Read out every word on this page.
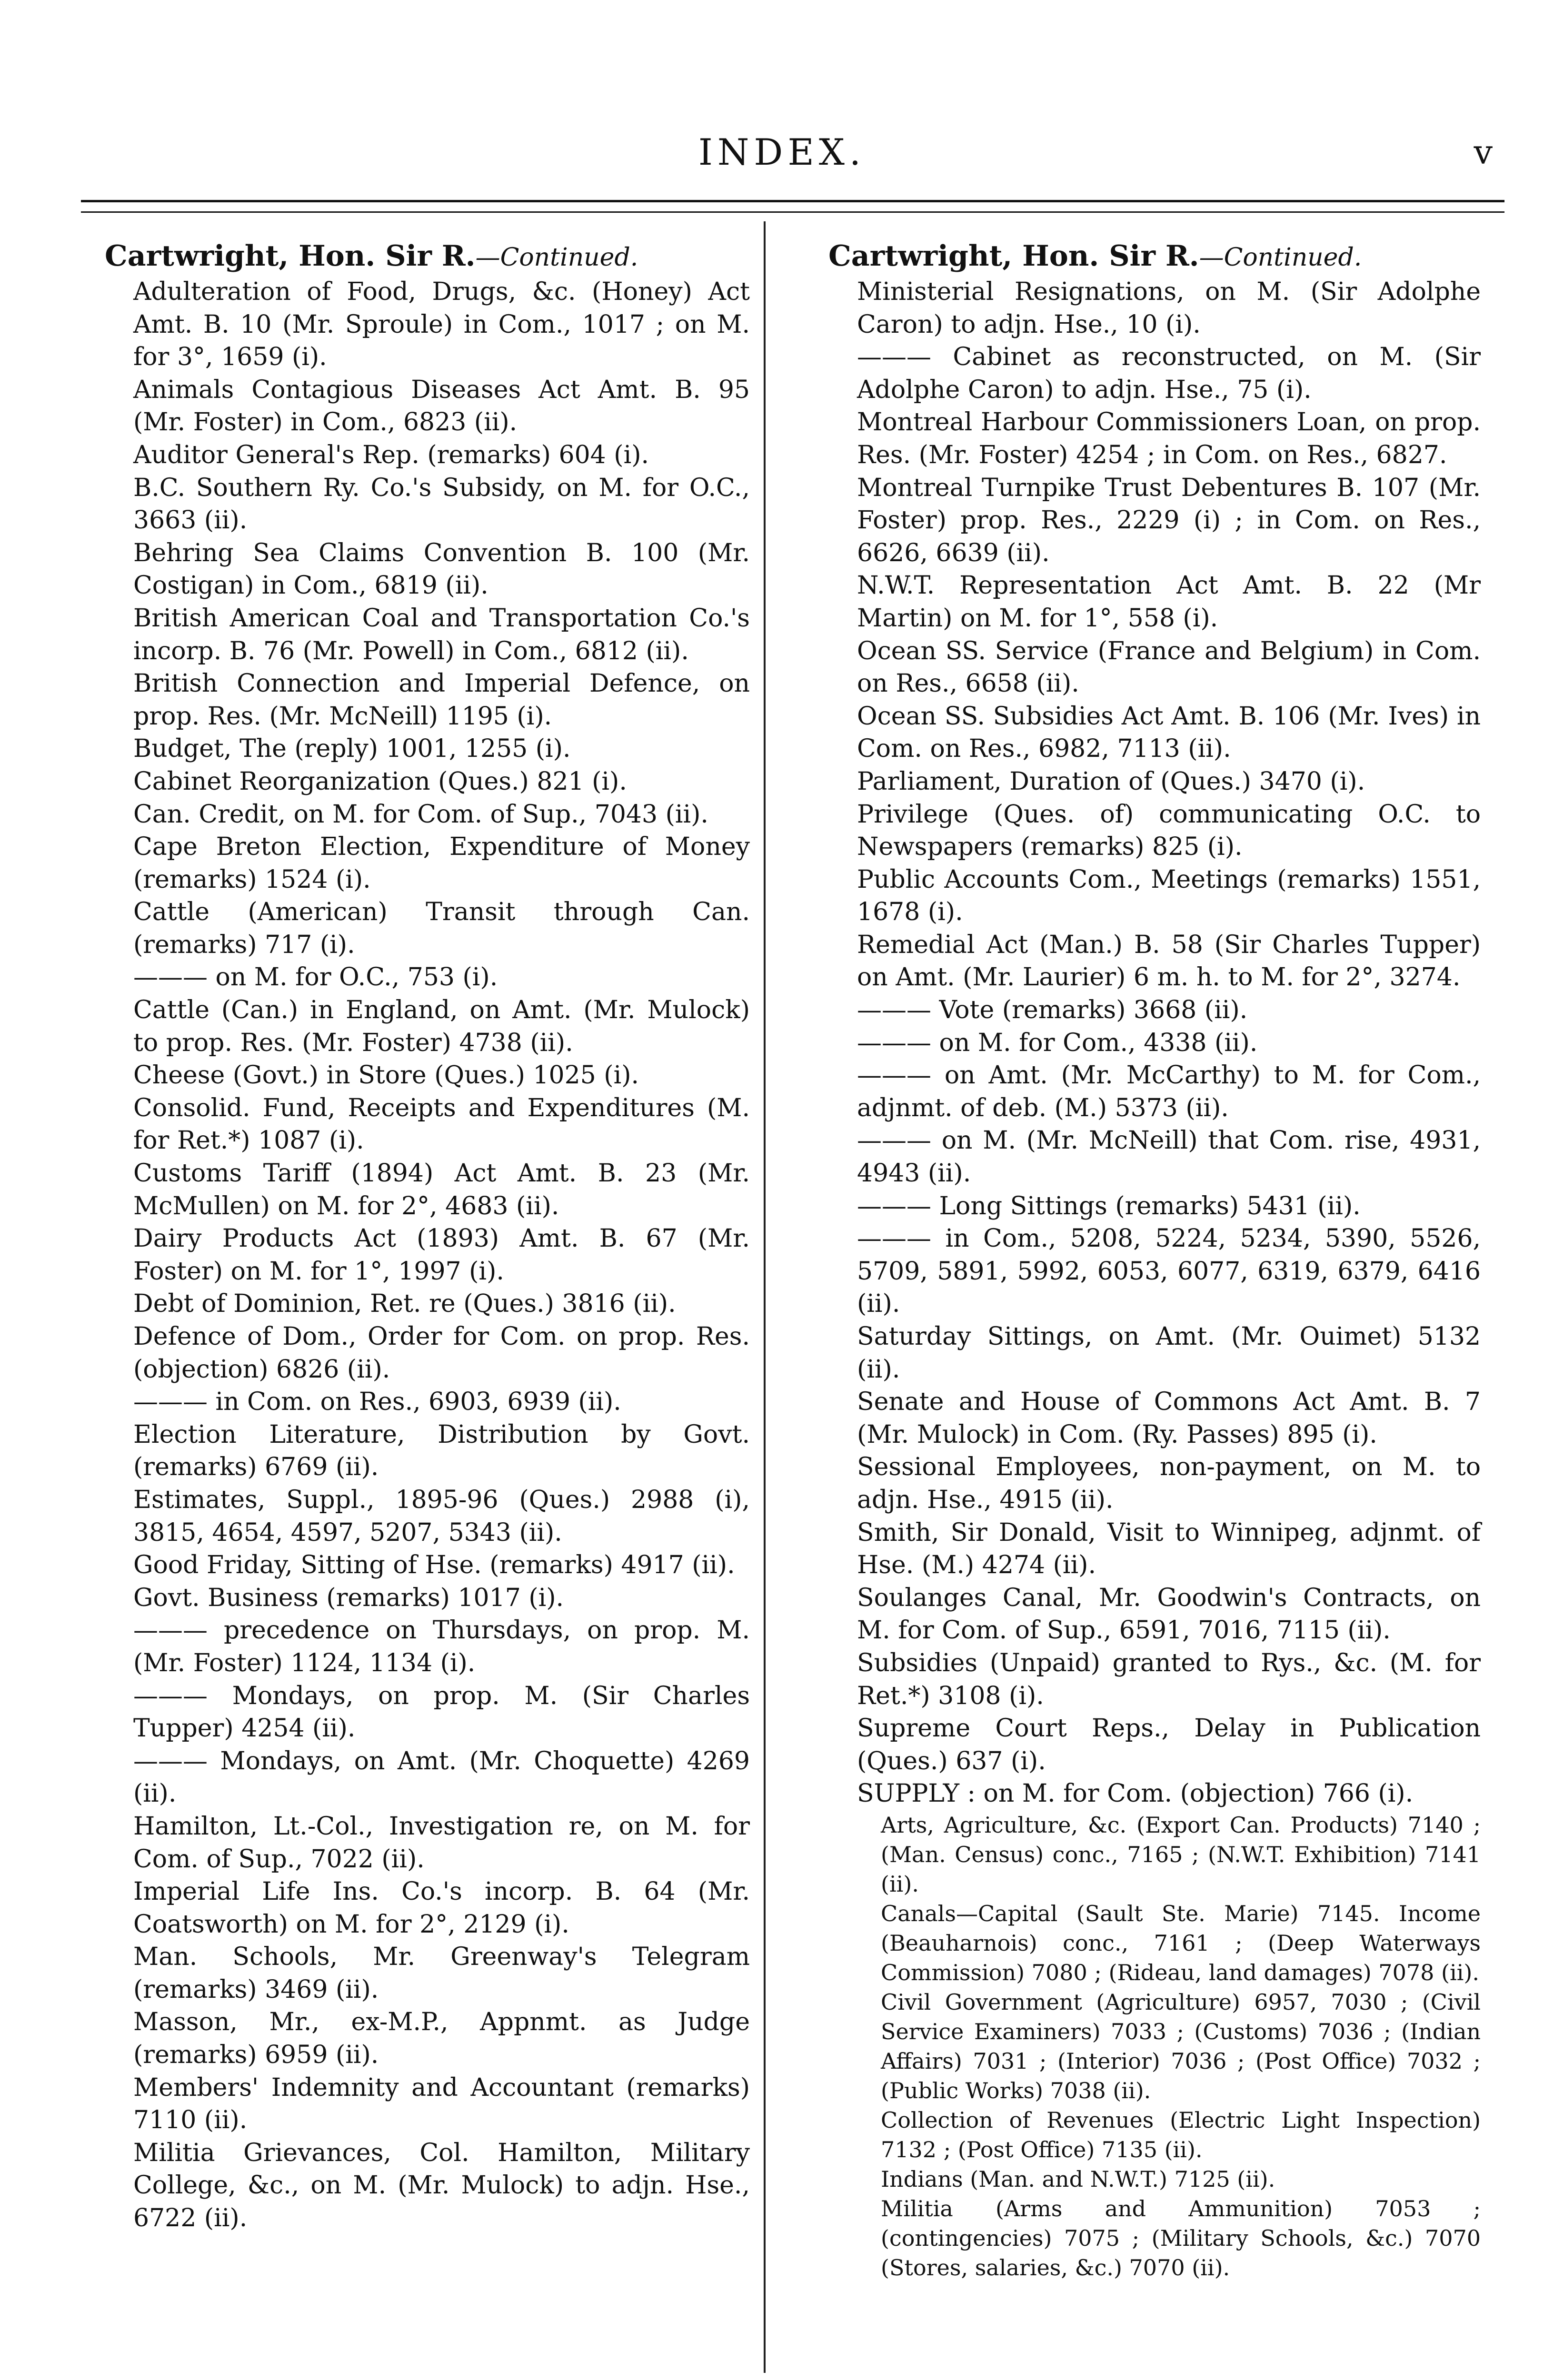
INDEX.	v
Cartwright, Hon. Sir R.—Continued.

Adulteration of Food, Drugs, &c. (Honey) Act Amt. B. 10 (Mr. Sproule) in Com., 1017 ; on M. for 3°, 1659 (i).

Animals Contagious Diseases Act Amt. B. 95 (Mr. Foster) in Com., 6823 (ii).

Auditor General's Rep. (remarks) 604 (i).

B.C. Southern Ry. Co.'s Subsidy, on M. for O.C., 3663 (ii).

Behring Sea Claims Convention B. 100 (Mr. Costigan) in Com., 6819 (ii).

British American Coal and Transportation Co.'s incorp. B. 76 (Mr. Powell) in Com., 6812 (ii).

British Connection and Imperial Defence, on prop. Res. (Mr. McNeill) 1195 (i).

Budget, The (reply) 1001, 1255 (i).

Cabinet Reorganization (Ques.) 821 (i).

Can. Credit, on M. for Com. of Sup., 7043 (ii).

Cape Breton Election, Expenditure of Money (remarks) 1524 (i).

Cattle (American) Transit through Can. (remarks) 717 (i).

——— on M. for O.C., 753 (i).

Cattle (Can.) in England, on Amt. (Mr. Mulock) to prop. Res. (Mr. Foster) 4738 (ii).

Cheese (Govt.) in Store (Ques.) 1025 (i).

Consolid. Fund, Receipts and Expenditures (M. for Ret.*) 1087 (i).

Customs Tariff (1894) Act Amt. B. 23 (Mr. McMullen) on M. for 2°, 4683 (ii).

Dairy Products Act (1893) Amt. B. 67 (Mr. Foster) on M. for 1°, 1997 (i).

Debt of Dominion, Ret. re (Ques.) 3816 (ii).

Defence of Dom., Order for Com. on prop. Res. (objection) 6826 (ii).

——— in Com. on Res., 6903, 6939 (ii).

Election Literature, Distribution by Govt. (remarks) 6769 (ii).

Estimates, Suppl., 1895-96 (Ques.) 2988 (i), 3815, 4654, 4597, 5207, 5343 (ii).

Good Friday, Sitting of Hse. (remarks) 4917 (ii).

Govt. Business (remarks) 1017 (i).

——— precedence on Thursdays, on prop. M. (Mr. Foster) 1124, 1134 (i).

——— Mondays, on prop. M. (Sir Charles Tupper) 4254 (ii).

——— Mondays, on Amt. (Mr. Choquette) 4269 (ii).

Hamilton, Lt.-Col., Investigation re, on M. for Com. of Sup., 7022 (ii).

Imperial Life Ins. Co.'s incorp. B. 64 (Mr. Coatsworth) on M. for 2°, 2129 (i).

Man. Schools, Mr. Greenway's Telegram (remarks) 3469 (ii).

Masson, Mr., ex-M.P., Appnmt. as Judge (remarks) 6959 (ii).

Members' Indemnity and Accountant (remarks) 7110 (ii).

Militia Grievances, Col. Hamilton, Military College, &c., on M. (Mr. Mulock) to adjn. Hse., 6722 (ii).

Cartwright, Hon. Sir R.—Continued.

Ministerial Resignations, on M. (Sir Adolphe Caron) to adjn. Hse., 10 (i).

——— Cabinet as reconstructed, on M. (Sir Adolphe Caron) to adjn. Hse., 75 (i).

Montreal Harbour Commissioners Loan, on prop. Res. (Mr. Foster) 4254 ; in Com. on Res., 6827.

Montreal Turnpike Trust Debentures B. 107 (Mr. Foster) prop. Res., 2229 (i) ; in Com. on Res., 6626, 6639 (ii).

N.W.T. Representation Act Amt. B. 22 (Mr Martin) on M. for 1°, 558 (i).

Ocean SS. Service (France and Belgium) in Com. on Res., 6658 (ii).

Ocean SS. Subsidies Act Amt. B. 106 (Mr. Ives) in Com. on Res., 6982, 7113 (ii).

Parliament, Duration of (Ques.) 3470 (i).

Privilege (Ques. of) communicating O.C. to Newspapers (remarks) 825 (i).

Public Accounts Com., Meetings (remarks) 1551, 1678 (i).

Remedial Act (Man.) B. 58 (Sir Charles Tupper) on Amt. (Mr. Laurier) 6 m. h. to M. for 2°, 3274.

——— Vote (remarks) 3668 (ii).

——— on M. for Com., 4338 (ii).

——— on Amt. (Mr. McCarthy) to M. for Com., adjnmt. of deb. (M.) 5373 (ii).

——— on M. (Mr. McNeill) that Com. rise, 4931, 4943 (ii).

——— Long Sittings (remarks) 5431 (ii).

——— in Com., 5208, 5224, 5234, 5390, 5526, 5709, 5891, 5992, 6053, 6077, 6319, 6379, 6416 (ii).

Saturday Sittings, on Amt. (Mr. Ouimet) 5132 (ii).

Senate and House of Commons Act Amt. B. 7 (Mr. Mulock) in Com. (Ry. Passes) 895 (i).

Sessional Employees, non-payment, on M. to adjn. Hse., 4915 (ii).

Smith, Sir Donald, Visit to Winnipeg, adjnmt. of Hse. (M.) 4274 (ii).

Soulanges Canal, Mr. Goodwin's Contracts, on M. for Com. of Sup., 6591, 7016, 7115 (ii).

Subsidies (Unpaid) granted to Rys., &c. (M. for Ret.*) 3108 (i).

Supreme Court Reps., Delay in Publication (Ques.) 637 (i).

SUPPLY : on M. for Com. (objection) 766 (i).

Arts, Agriculture, &c. (Export Can. Products) 7140 ; (Man. Census) conc., 7165 ; (N.W.T. Exhibition) 7141 (ii).

Canals—Capital (Sault Ste. Marie) 7145. Income (Beauharnois) conc., 7161 ; (Deep Waterways Commission) 7080 ; (Rideau, land damages) 7078 (ii).

Civil Government (Agriculture) 6957, 7030 ; (Civil Service Examiners) 7033 ; (Customs) 7036 ; (Indian Affairs) 7031 ; (Interior) 7036 ; (Post Office) 7032 ; (Public Works) 7038 (ii).

Collection of Revenues (Electric Light Inspection) 7132 ; (Post Office) 7135 (ii).

Indians (Man. and N.W.T.) 7125 (ii).

Militia (Arms and Ammunition) 7053 ; (contingencies) 7075 ; (Military Schools, &c.) 7070 (Stores, salaries, &c.) 7070 (ii).
